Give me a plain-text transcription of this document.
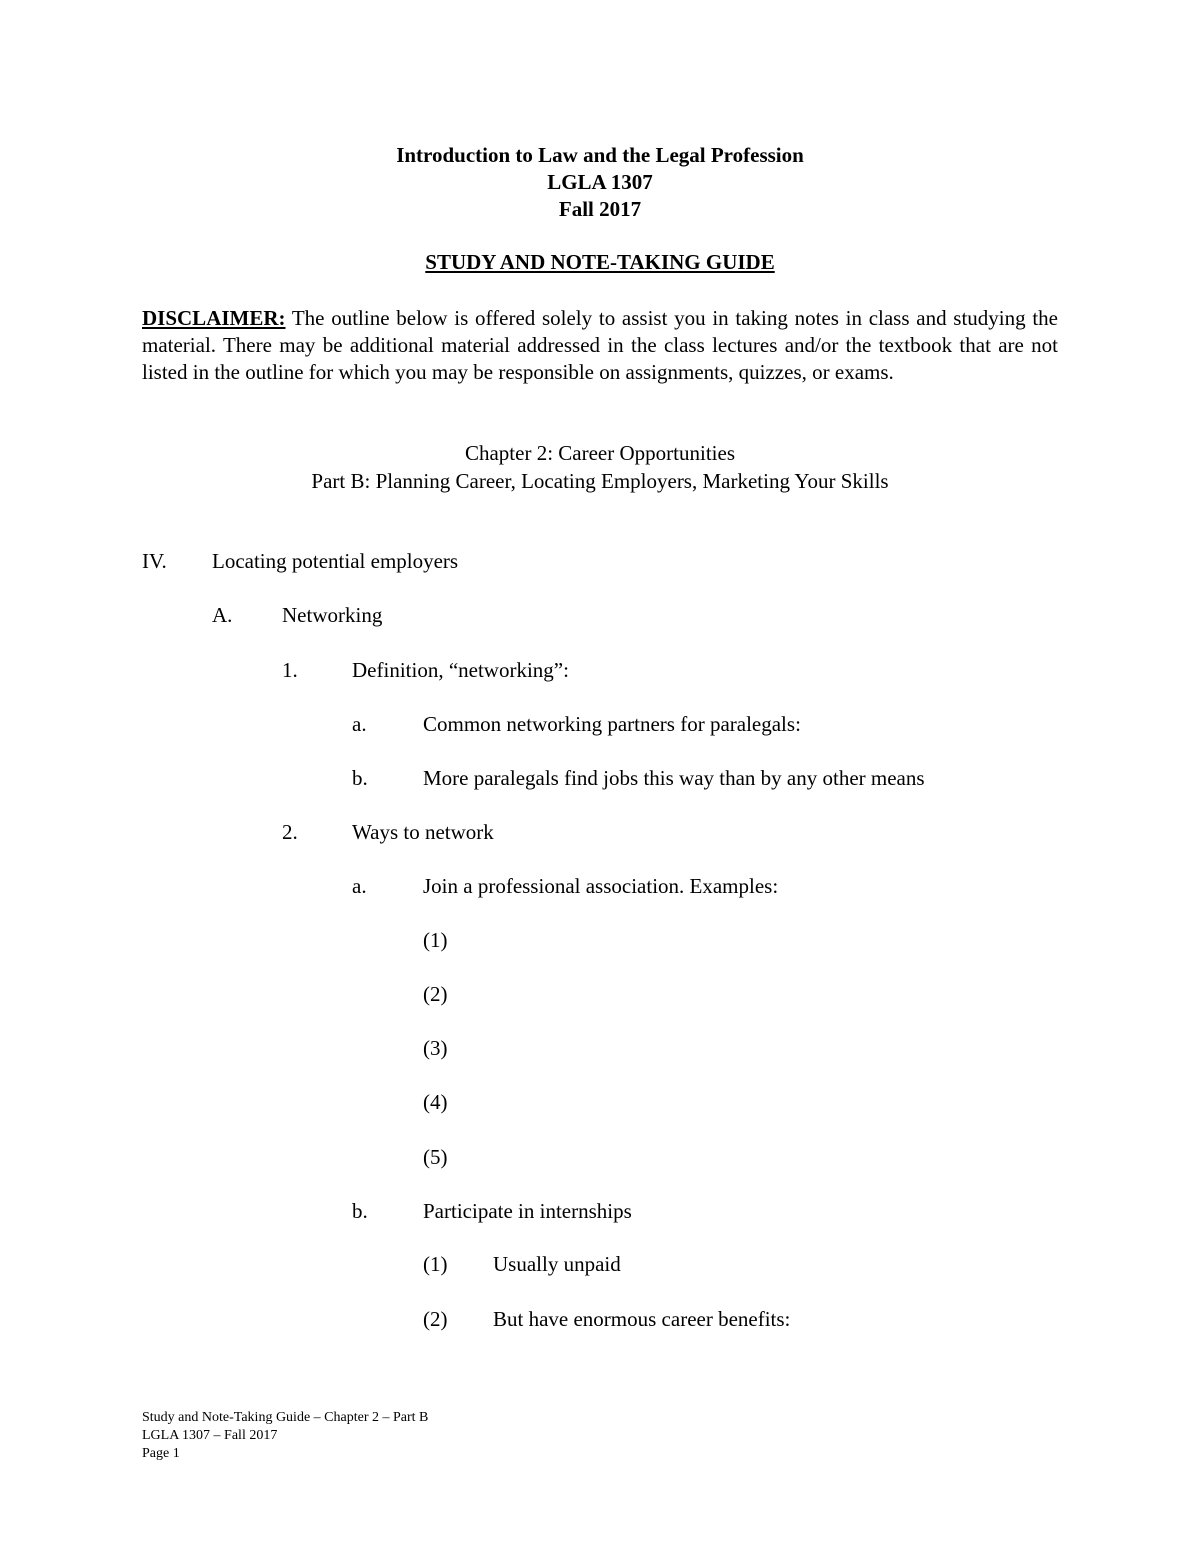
Introduction to Law and the Legal Profession
LGLA 1307
Fall 2017
STUDY AND NOTE-TAKING GUIDE
DISCLAIMER: The outline below is offered solely to assist you in taking notes in class and studying the material. There may be additional material addressed in the class lectures and/or the textbook that are not listed in the outline for which you may be responsible on assignments, quizzes, or exams.
Chapter 2: Career Opportunities
Part B: Planning Career, Locating Employers, Marketing Your Skills
IV. Locating potential employers
A. Networking
1.	Definition, “networking”:
a.	Common networking partners for paralegals:
b.	More paralegals find jobs this way than by any other means
2.	Ways to network
a.	Join a professional association. Examples:
(1)
(2)
(3)
(4)
(5)
b.	Participate in internships
(1) Usually unpaid
(2) But have enormous career benefits:
Study and Note-Taking Guide – Chapter 2 – Part B
LGLA 1307 – Fall 2017
Page 1
